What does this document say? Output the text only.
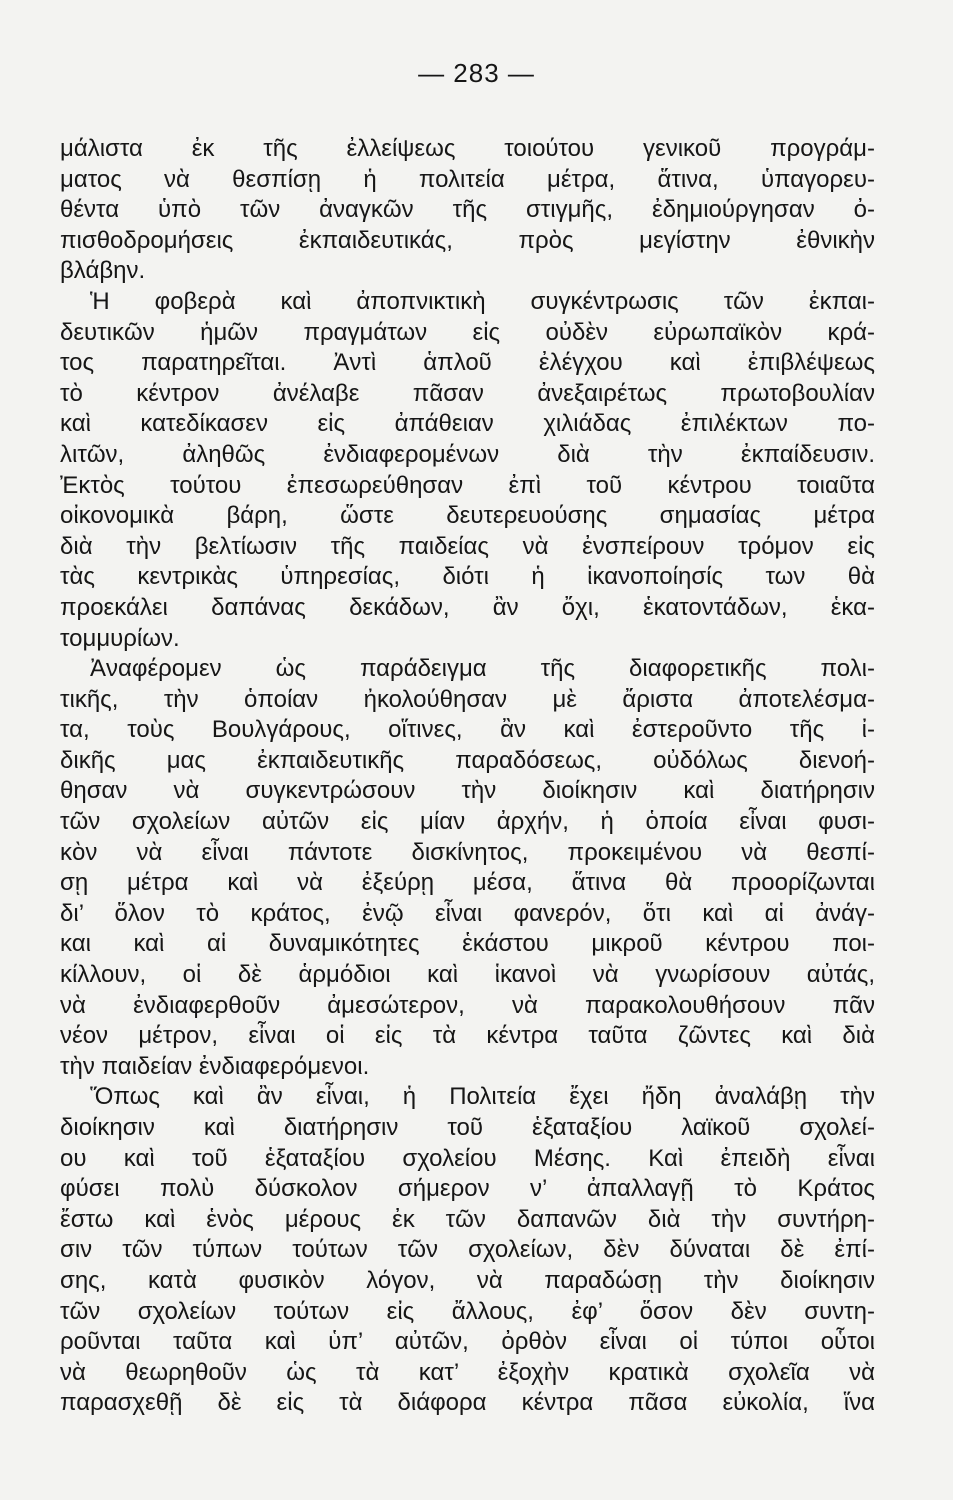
— 283 —
μάλιστα ἐκ τῆς ἐλλείψεως τοιούτου γενικοῦ προγράμ-
ματος νὰ θεσπίσῃ ἡ πολιτεία μέτρα, ἅτινα, ὑπαγορευ-
θέντα ὑπὸ τῶν ἀναγκῶν τῆς στιγμῆς, ἐδημιούργησαν ὀ-
πισθοδρομήσεις ἐκπαιδευτικάς, πρὸς μεγίστην ἐθνικὴν
βλάβην.
Ἡ φοβερὰ καὶ ἀποπνικτικὴ συγκέντρωσις τῶν ἐκπαι-
δευτικῶν ἡμῶν πραγμάτων εἰς οὐδὲν εὐρωπαϊκὸν κρά-
τος παρατηρεῖται. Ἀντὶ ἁπλοῦ ἐλέγχου καὶ ἐπιβλέψεως
τὸ κέντρον ἀνέλαβε πᾶσαν ἀνεξαιρέτως πρωτοβουλίαν
καὶ κατεδίκασεν εἰς ἀπάθειαν χιλιάδας ἐπιλέκτων πο-
λιτῶν, ἀληθῶς ἐνδιαφερομένων διὰ τὴν ἐκπαίδευσιν.
Ἐκτὸς τούτου ἐπεσωρεύθησαν ἐπὶ τοῦ κέντρου τοιαῦτα
οἰκονομικὰ βάρη, ὥστε δευτερευούσης σημασίας μέτρα
διὰ τὴν βελτίωσιν τῆς παιδείας νὰ ἐνσπείρουν τρόμον εἰς
τὰς κεντρικὰς ὑπηρεσίας, διότι ἡ ἱκανοποίησίς των θὰ
προεκάλει δαπάνας δεκάδων, ἂν ὄχι, ἑκατοντάδων, ἑκα-
τομμυρίων.
Ἀναφέρομεν ὡς παράδειγμα τῆς διαφορετικῆς πολι-
τικῆς, τὴν ὁποίαν ἠκολούθησαν μὲ ἄριστα ἀποτελέσμα-
τα, τοὺς Βουλγάρους, οἵτινες, ἂν καὶ ἐστεροῦντο τῆς ἰ-
δικῆς μας ἐκπαιδευτικῆς παραδόσεως, οὐδόλως διενοή-
θησαν νὰ συγκεντρώσουν τὴν διοίκησιν καὶ διατήρησιν
τῶν σχολείων αὐτῶν εἰς μίαν ἀρχήν, ἡ ὁποία εἶναι φυσι-
κὸν νὰ εἶναι πάντοτε δισκίνητος, προκειμένου νὰ θεσπί-
σῃ μέτρα καὶ νὰ ἐξεύρῃ μέσα, ἅτινα θὰ προορίζωνται
δι’ ὅλον τὸ κράτος, ἐνῷ εἶναι φανερόν, ὅτι καὶ αἱ ἀνάγ-
και καὶ αἱ δυναμικότητες ἑκάστου μικροῦ κέντρου ποι-
κίλλουν, οἱ δὲ ἁρμόδιοι καὶ ἱκανοὶ νὰ γνωρίσουν αὐτάς,
νὰ ἐνδιαφερθοῦν ἀμεσώτερον, νὰ παρακολουθήσουν πᾶν
νέον μέτρον, εἶναι οἱ εἰς τὰ κέντρα ταῦτα ζῶντες καὶ διὰ
τὴν παιδείαν ἐνδιαφερόμενοι.
Ὅπως καὶ ἂν εἶναι, ἡ Πολιτεία ἔχει ἤδη ἀναλάβῃ τὴν
διοίκησιν καὶ διατήρησιν τοῦ ἑξαταξίου λαϊκοῦ σχολεί-
ου καὶ τοῦ ἑξαταξίου σχολείου Μέσης. Καὶ ἐπειδὴ εἶναι
φύσει πολὺ δύσκολον σήμερον ν’ ἀπαλλαγῇ τὸ Κράτος
ἔστω καὶ ἑνὸς μέρους ἐκ τῶν δαπανῶν διὰ τὴν συντήρη-
σιν τῶν τύπων τούτων τῶν σχολείων, δὲν δύναται δὲ ἐπί-
σης, κατὰ φυσικὸν λόγον, νὰ παραδώσῃ τὴν διοίκησιν
τῶν σχολείων τούτων εἰς ἄλλους, ἐφ’ ὅσον δὲν συντη-
ροῦνται ταῦτα καὶ ὑπ’ αὐτῶν, ὀρθὸν εἶναι οἱ τύποι οὗτοι
νὰ θεωρηθοῦν ὡς τὰ κατ’ ἐξοχὴν κρατικὰ σχολεῖα νὰ
παρασχεθῇ δὲ εἰς τὰ διάφορα κέντρα πᾶσα εὐκολία, ἵνα
